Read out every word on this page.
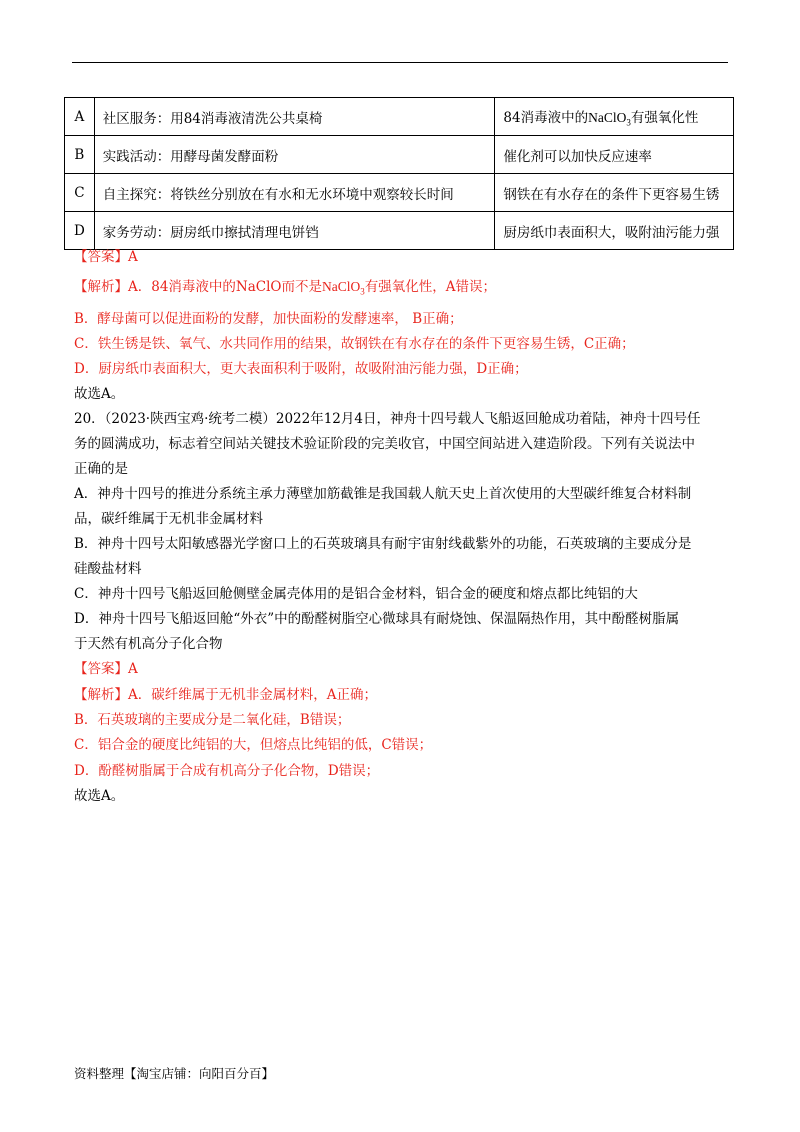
A	社区服务：用84消毒液清洗公共桌椅	84消毒液中的NaClO$_3$有强氧化性
B	实践活动：用酵母菌发酵面粉	催化剂可以加快反应速率
C	自主探究：将铁丝分别放在有水和无水环境中观察较长时间	钢铁在有水存在的条件下更容易生锈
D	家务劳动：厨房纸巾擦拭清理电饼铛	厨房纸巾表面积大，吸附油污能力强
【答案】A
【解析】A．84消毒液中的NaClO而不是NaClO$_3$有强氧化性，A错误；
B．酵母菌可以促进面粉的发酵，加快面粉的发酵速率， B正确；
C．铁生锈是铁、氧气、水共同作用的结果，故钢铁在有水存在的条件下更容易生锈，C正确；
D．厨房纸巾表面积大，更大表面积利于吸附，故吸附油污能力强，D正确；
故选A。
20．（2023·陕西宝鸡·统考二模）2022年12月4日，神舟十四号载人飞船返回舱成功着陆，神舟十四号任
务的圆满成功，标志着空间站关键技术验证阶段的完美收官，中国空间站进入建造阶段。下列有关说法中
正确的是
A．神舟十四号的推进分系统主承力薄壁加筋截锥是我国载人航天史上首次使用的大型碳纤维复合材料制
品，碳纤维属于无机非金属材料
B．神舟十四号太阳敏感器光学窗口上的石英玻璃具有耐宇宙射线截紫外的功能，石英玻璃的主要成分是
硅酸盐材料
C．神舟十四号飞船返回舱侧壁金属壳体用的是铝合金材料，铝合金的硬度和熔点都比纯铝的大
D．神舟十四号飞船返回舱“外衣”中的酚醛树脂空心微球具有耐烧蚀、保温隔热作用，其中酚醛树脂属
于天然有机高分子化合物
【答案】A
【解析】A．碳纤维属于无机非金属材料，A正确；
B．石英玻璃的主要成分是二氧化硅，B错误；
C．铝合金的硬度比纯铝的大，但熔点比纯铝的低，C错误；
D．酚醛树脂属于合成有机高分子化合物，D错误；
故选A。
资料整理【淘宝店铺：向阳百分百】
